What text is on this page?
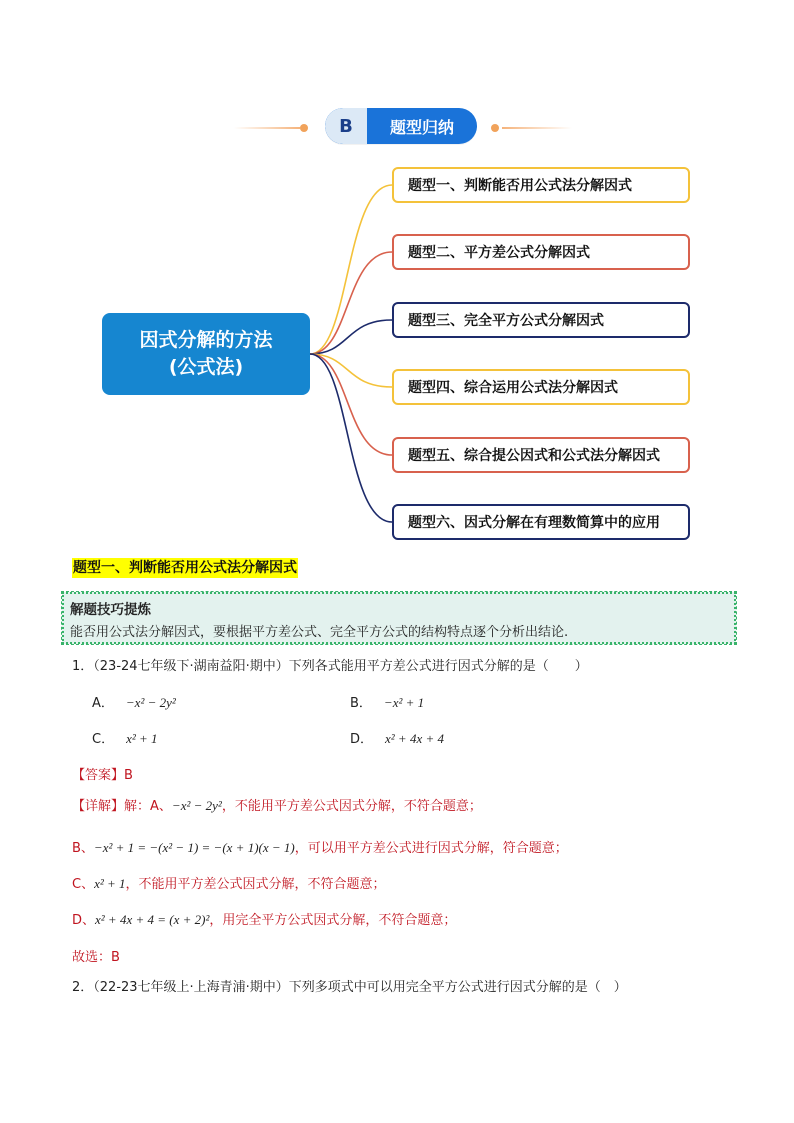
B	题型归纳
因式分解的方法
(公式法)
题型一、判断能否用公式法分解因式
题型二、平方差公式分解因式
题型三、完全平方公式分解因式
题型四、综合运用公式法分解因式
题型五、综合提公因式和公式法分解因式
题型六、因式分解在有理数简算中的应用
题型一、判断能否用公式法分解因式
解题技巧提炼
能否用公式法分解因式，要根据平方差公式、完全平方公式的结构特点逐个分析出结论.
1．（23-24七年级下·湖南益阳·期中）下列各式能用平方差公式进行因式分解的是（　　）
A． −x² − 2y²	B． −x² + 1
C． x² + 1	D． x² + 4x + 4
【答案】B
【详解】解：A、−x² − 2y²，不能用平方差公式因式分解，不符合题意；
B、−x² + 1 = −(x² − 1) = −(x + 1)(x − 1)，可以用平方差公式进行因式分解，符合题意；
C、x² + 1，不能用平方差公式因式分解，不符合题意；
D、x² + 4x + 4 = (x + 2)²，用完全平方公式因式分解，不符合题意；
故选：B
2．（22-23七年级上·上海青浦·期中）下列多项式中可以用完全平方公式进行因式分解的是（　）
